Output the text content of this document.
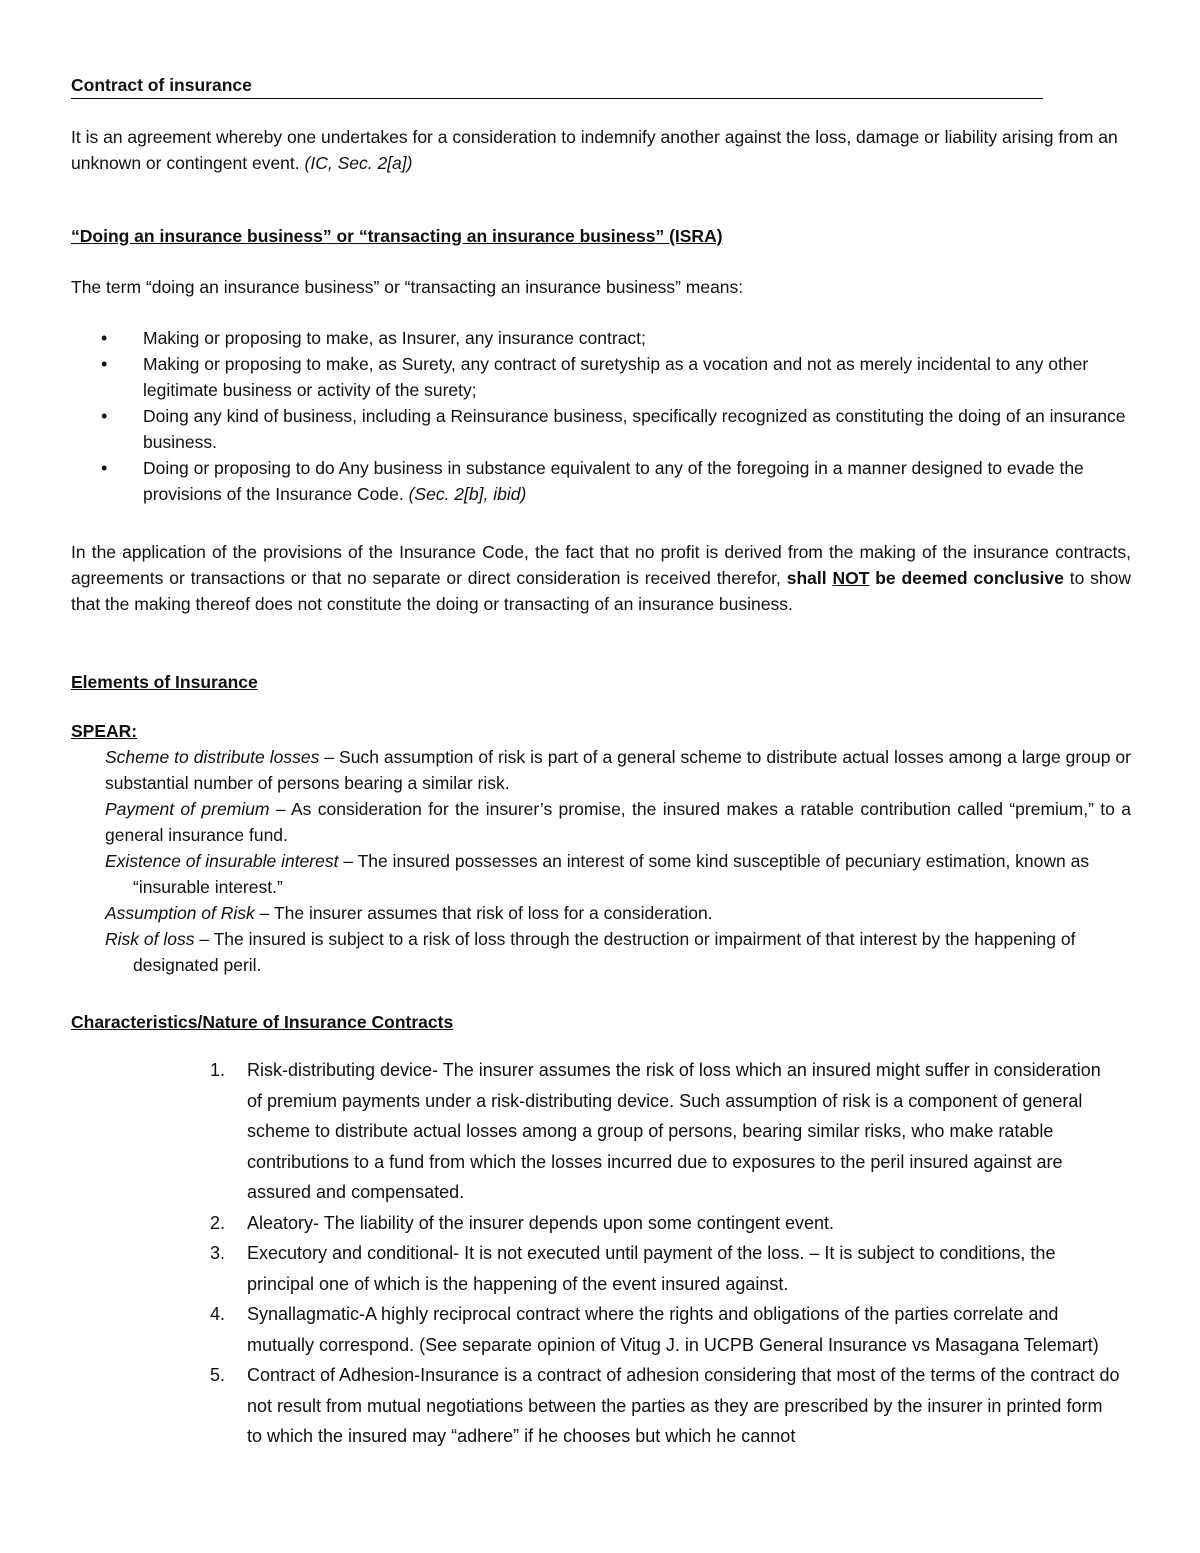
Contract of insurance

It is an agreement whereby one undertakes for a consideration to indemnify another against the loss, damage or liability arising from an unknown or contingent event. (IC, Sec. 2[a])

“Doing an insurance business” or “transacting an insurance business” (ISRA)

The term “doing an insurance business” or “transacting an insurance business” means:

• Making or proposing to make, as Insurer, any insurance contract;
• Making or proposing to make, as Surety, any contract of suretyship as a vocation and not as merely incidental to any other legitimate business or activity of the surety;
• Doing any kind of business, including a Reinsurance business, specifically recognized as constituting the doing of an insurance business.
• Doing or proposing to do Any business in substance equivalent to any of the foregoing in a manner designed to evade the provisions of the Insurance Code. (Sec. 2[b], ibid)

In the application of the provisions of the Insurance Code, the fact that no profit is derived from the making of the insurance contracts, agreements or transactions or that no separate or direct consideration is received therefor, shall NOT be deemed conclusive to show that the making thereof does not constitute the doing or transacting of an insurance business.

Elements of Insurance
SPEAR:
Scheme to distribute losses – Such assumption of risk is part of a general scheme to distribute actual losses among a large group or substantial number of persons bearing a similar risk.
Payment of premium – As consideration for the insurer’s promise, the insured makes a ratable contribution called “premium,” to a general insurance fund.
Existence of insurable interest – The insured possesses an interest of some kind susceptible of pecuniary estimation, known as “insurable interest.”
Assumption of Risk – The insurer assumes that risk of loss for a consideration.
Risk of loss – The insured is subject to a risk of loss through the destruction or impairment of that interest by the happening of designated peril.
Characteristics/Nature of Insurance Contracts
1. Risk-distributing device- The insurer assumes the risk of loss which an insured might suffer in consideration of premium payments under a risk-distributing device. Such assumption of risk is a component of general scheme to distribute actual losses among a group of persons, bearing similar risks, who make ratable contributions to a fund from which the losses incurred due to exposures to the peril insured against are assured and compensated.
2. Aleatory- The liability of the insurer depends upon some contingent event.
3. Executory and conditional- It is not executed until payment of the loss. – It is subject to conditions, the principal one of which is the happening of the event insured against.
4. Synallagmatic-A highly reciprocal contract where the rights and obligations of the parties correlate and mutually correspond. (See separate opinion of Vitug J. in UCPB General Insurance vs Masagana Telemart)
5. Contract of Adhesion-Insurance is a contract of adhesion considering that most of the terms of the contract do not result from mutual negotiations between the parties as they are prescribed by the insurer in printed form to which the insured may “adhere” if he chooses but which he cannot
